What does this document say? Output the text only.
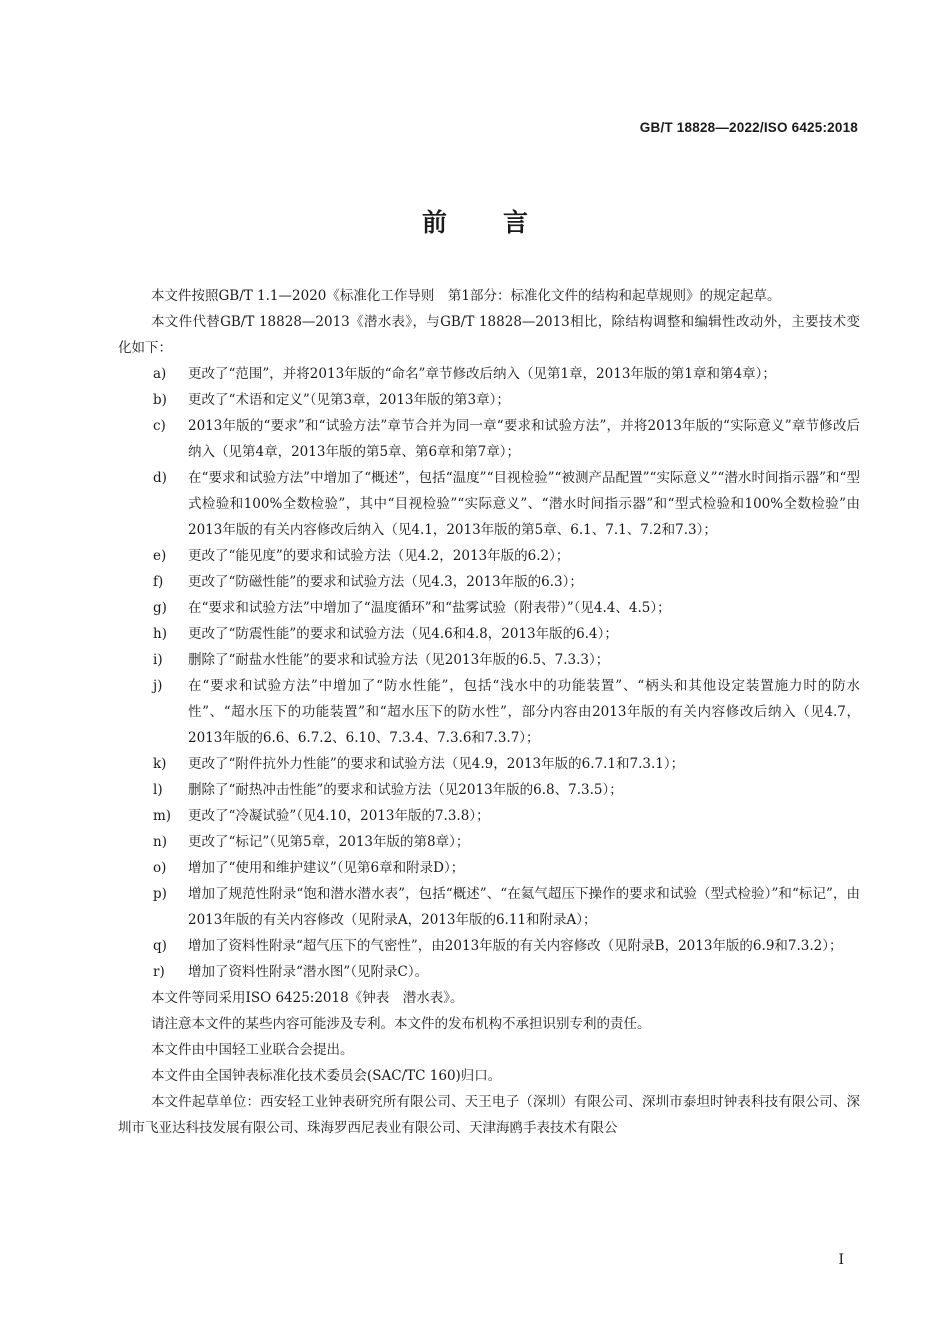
GB/T 18828—2022/ISO 6425:2018
前言
本文件按照GB/T 1.1—2020《标准化工作导则　第1部分：标准化文件的结构和起草规则》的规定起草。
本文件代替GB/T 18828—2013《潜水表》，与GB/T 18828—2013相比，除结构调整和编辑性改动外，主要技术变化如下：
a) 更改了“范围”，并将2013年版的“命名”章节修改后纳入（见第1章，2013年版的第1章和第4章）；
b) 更改了“术语和定义”（见第3章，2013年版的第3章）；
c) 2013年版的“要求”和“试验方法”章节合并为同一章“要求和试验方法”，并将2013年版的“实际意义”章节修改后纳入（见第4章，2013年版的第5章、第6章和第7章）；
d) 在“要求和试验方法”中增加了“概述”，包括“温度”“目视检验”“被测产品配置”“实际意义”“潜水时间指示器”和“型式检验和100%全数检验”，其中“目视检验”“实际意义”、“潜水时间指示器”和“型式检验和100%全数检验”由2013年版的有关内容修改后纳入（见4.1，2013年版的第5章、6.1、7.1、7.2和7.3）；
e) 更改了“能见度”的要求和试验方法（见4.2，2013年版的6.2）；
f) 更改了“防磁性能”的要求和试验方法（见4.3，2013年版的6.3）；
g) 在“要求和试验方法”中增加了“温度循环”和“盐雾试验（附表带）”（见4.4、4.5）；
h) 更改了“防震性能”的要求和试验方法（见4.6和4.8，2013年版的6.4）；
i) 删除了“耐盐水性能”的要求和试验方法（见2013年版的6.5、7.3.3）；
j) 在“要求和试验方法”中增加了“防水性能”，包括“浅水中的功能装置”、“柄头和其他设定装置施力时的防水性”、“超水压下的功能装置”和“超水压下的防水性”，部分内容由2013年版的有关内容修改后纳入（见4.7，2013年版的6.6、6.7.2、6.10、7.3.4、7.3.6和7.3.7）；
k) 更改了“附件抗外力性能”的要求和试验方法（见4.9，2013年版的6.7.1和7.3.1）；
l) 删除了“耐热冲击性能”的要求和试验方法（见2013年版的6.8、7.3.5）；
m) 更改了“冷凝试验”（见4.10，2013年版的7.3.8）；
n) 更改了“标记”（见第5章，2013年版的第8章）；
o) 增加了“使用和维护建议”（见第6章和附录D）；
p) 增加了规范性附录“饱和潜水潜水表”，包括“概述”、“在氦气超压下操作的要求和试验（型式检验）”和“标记”，由2013年版的有关内容修改（见附录A，2013年版的6.11和附录A）；
q) 增加了资料性附录“超气压下的气密性”，由2013年版的有关内容修改（见附录B，2013年版的6.9和7.3.2）；
r) 增加了资料性附录“潜水图”（见附录C）。
本文件等同采用ISO 6425:2018《钟表　潜水表》。
请注意本文件的某些内容可能涉及专利。本文件的发布机构不承担识别专利的责任。
本文件由中国轻工业联合会提出。
本文件由全国钟表标准化技术委员会(SAC/TC 160)归口。
本文件起草单位：西安轻工业钟表研究所有限公司、天王电子（深圳）有限公司、深圳市泰坦时钟表科技有限公司、深圳市飞亚达科技发展有限公司、珠海罗西尼表业有限公司、天津海鸥手表技术有限公
I
